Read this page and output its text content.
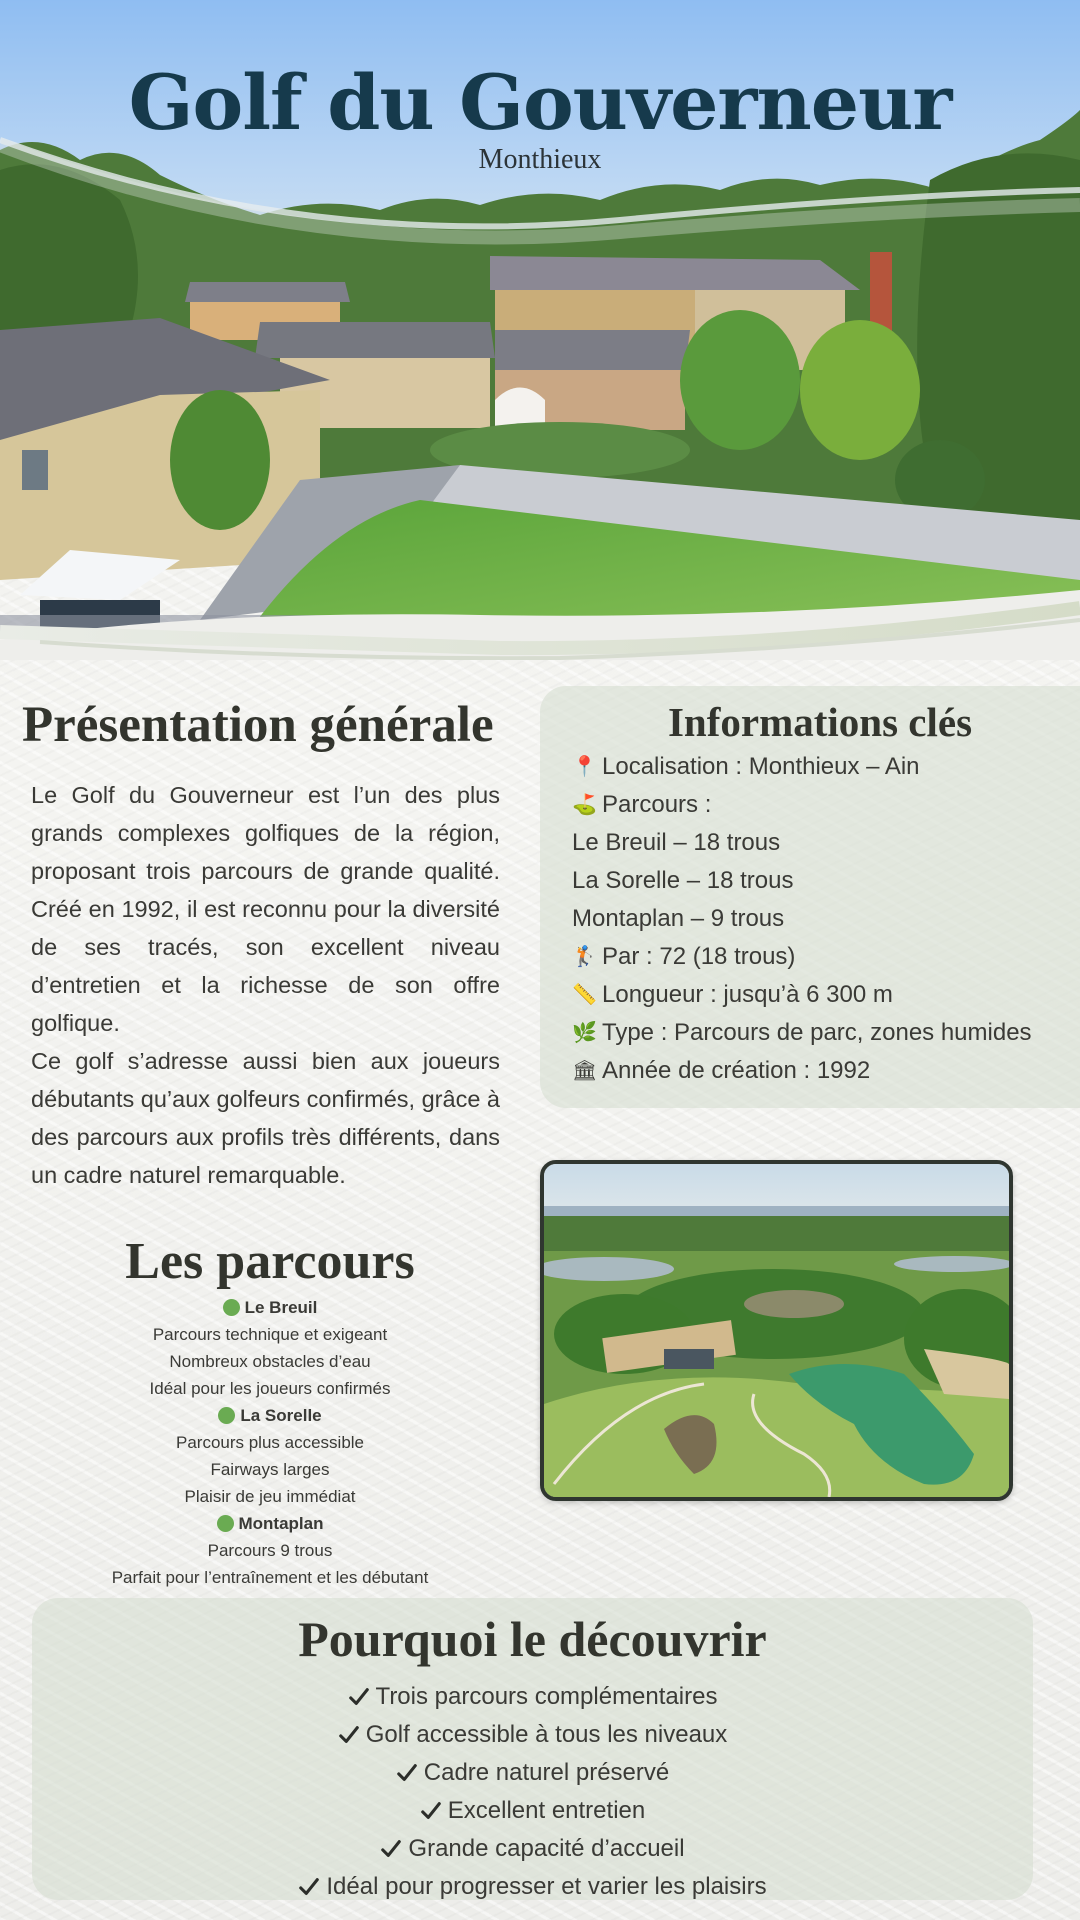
Golf du Gouverneur
Monthieux
Présentation générale

Le Golf du Gouverneur est l’un des plus grands complexes golfiques de la région, proposant trois parcours de grande qualité. Créé en 1992, il est reconnu pour la diversité de ses tracés, son excellent niveau d’entretien et la richesse de son offre golfique.

Ce golf s’adresse aussi bien aux joueurs débutants qu’aux golfeurs confirmés, grâce à des parcours aux profils très différents, dans un cadre naturel remarquable.

Informations clés
📍 Localisation : Monthieux – Ain
⛳ Parcours :
Le Breuil – 18 trous
La Sorelle – 18 trous
Montaplan – 9 trous
🏌 Par : 72 (18 trous)
📏 Longueur : jusqu’à 6 300 m
🌿 Type : Parcours de parc, zones humides
🏛 Année de création : 1992
Les parcours
Le Breuil
Parcours technique et exigeant
Nombreux obstacles d’eau
Idéal pour les joueurs confirmés
La Sorelle
Parcours plus accessible
Fairways larges
Plaisir de jeu immédiat
Montaplan
Parcours 9 trous
Parfait pour l’entraînement et les débutant
Pourquoi le découvrir
Trois parcours complémentaires
Golf accessible à tous les niveaux
Cadre naturel préservé
Excellent entretien
Grande capacité d’accueil
Idéal pour progresser et varier les plaisirs
